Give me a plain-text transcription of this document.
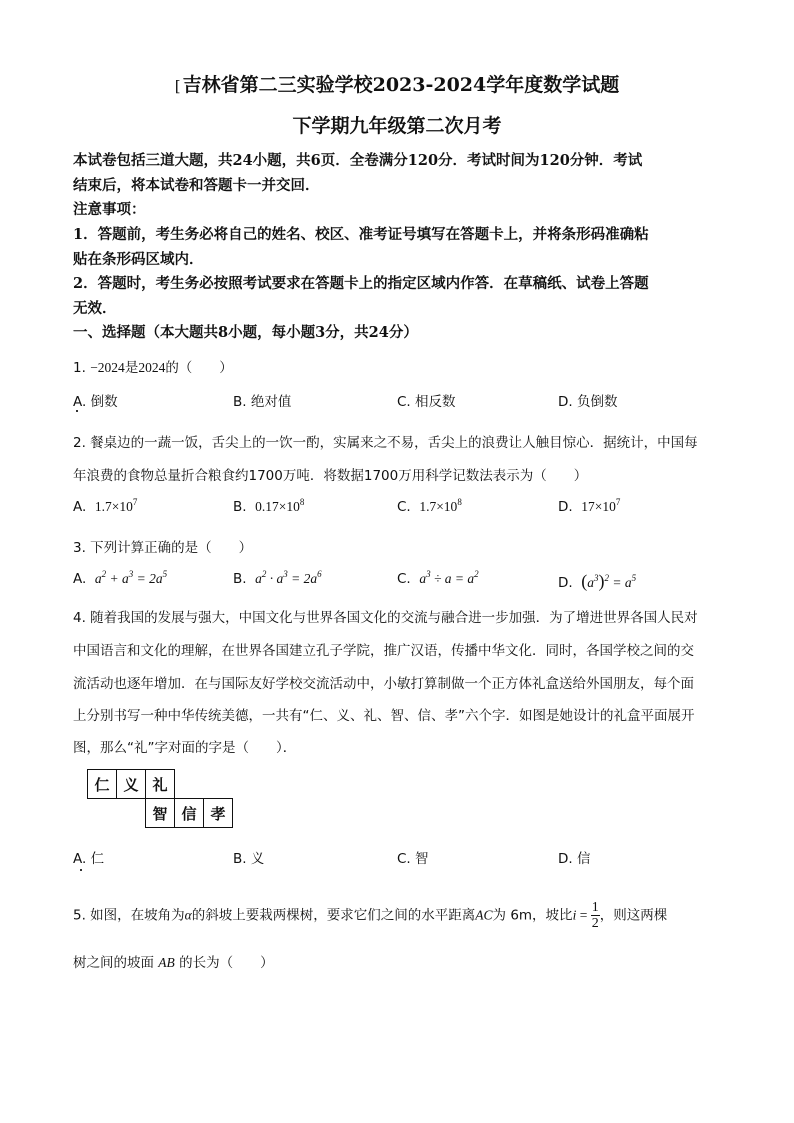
[ 吉林省第二三实验学校2023-2024学年度数学试题
下学期九年级第二次月考
本试卷包括三道大题，共24小题，共6页．全卷满分120分．考试时间为120分钟．考试
结束后，将本试卷和答题卡一并交回．
注意事项：
1．答题前，考生务必将自己的姓名、校区、准考证号填写在答题卡上，并将条形码准确粘
贴在条形码区域内．
2．答题时，考生务必按照考试要求在答题卡上的指定区域内作答．在草稿纸、试卷上答题
无效．
一、选择题（本大题共8小题，每小题3分，共24分）
1. −2024是2024的（　　）
A. 倒数	B. 绝对值	C. 相反数	D. 负倒数
2. 餐桌边的一蔬一饭，舌尖上的一饮一酌，实属来之不易，舌尖上的浪费让人触目惊心．据统计，中国每
年浪费的食物总量折合粮食约1700万吨．将数据1700万用科学记数法表示为（　　）
A. $1.7\times 10^7$	B. $0.17\times 10^8$	C. $1.7\times 10^8$	D. $17\times 10^7$
3. 下列计算正确的是（　　）
A. $a^2 + a^3 = 2a^5$	B. $a^2 \cdot a^3 = 2a^6$	C. $a^3 \div a = a^2$
D. $(a^3)^2 = a^5$
4. 随着我国的发展与强大，中国文化与世界各国文化的交流与融合进一步加强．为了增进世界各国人民对
中国语言和文化的理解，在世界各国建立孔子学院，推广汉语，传播中华文化．同时，各国学校之间的交
流活动也逐年增加．在与国际友好学校交流活动中，小敏打算制做一个正方体礼盒送给外国朋友，每个面
上分别书写一种中华传统美德，一共有“仁、义、礼、智、信、孝”六个字．如图是她设计的礼盒平面展开
图，那么“礼”字对面的字是（　　）．
仁 义 礼
智 信 孝
A. 仁	B. 义	C. 智	D. 信
5. 如图，在坡角为α的斜坡上要栽两棵树，要求它们之间的水平距离AC为 6m，坡比$i = \frac{1}{2}$ ，则这两棵
树之间的坡面 AB 的长为（　　）
